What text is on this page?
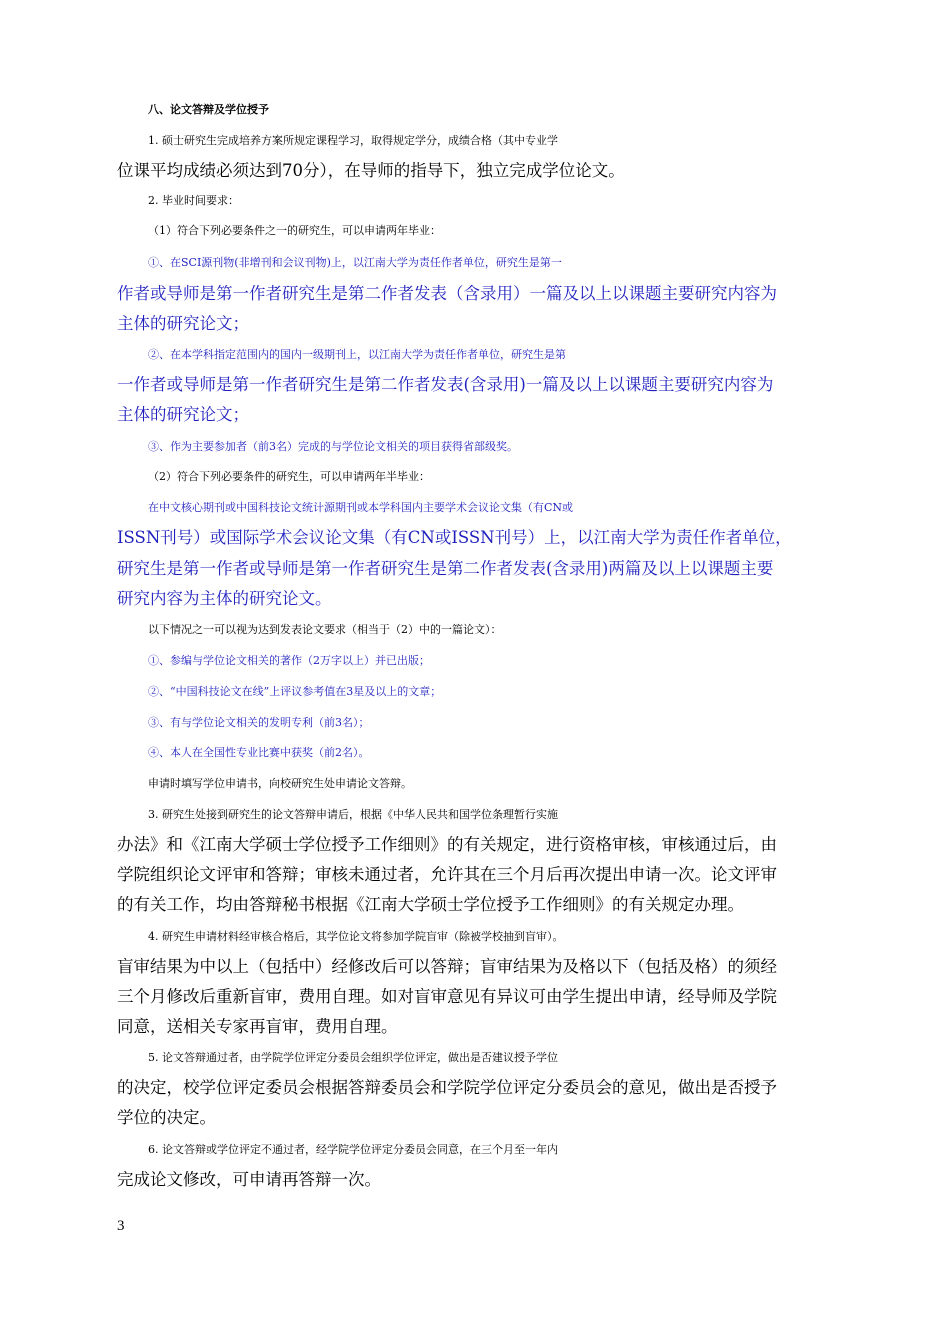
八、论文答辩及学位授予
1. 硕士研究生完成培养方案所规定课程学习，取得规定学分，成绩合格（其中专业学
位课平均成绩必须达到70分），在导师的指导下，独立完成学位论文。
2. 毕业时间要求：
（1）符合下列必要条件之一的研究生，可以申请两年毕业：
①、在SCI源刊物(非增刊和会议刊物)上，以江南大学为责任作者单位，研究生是第一
作者或导师是第一作者研究生是第二作者发表（含录用）一篇及以上以课题主要研究内容为
主体的研究论文；
②、在本学科指定范围内的国内一级期刊上，以江南大学为责任作者单位，研究生是第
一作者或导师是第一作者研究生是第二作者发表(含录用)一篇及以上以课题主要研究内容为
主体的研究论文；
③、作为主要参加者（前3名）完成的与学位论文相关的项目获得省部级奖。
（2）符合下列必要条件的研究生，可以申请两年半毕业：
在中文核心期刊或中国科技论文统计源期刊或本学科国内主要学术会议论文集（有CN或
ISSN刊号）或国际学术会议论文集（有CN或ISSN刊号）上，以江南大学为责任作者单位，
研究生是第一作者或导师是第一作者研究生是第二作者发表(含录用)两篇及以上以课题主要
研究内容为主体的研究论文。
以下情况之一可以视为达到发表论文要求（相当于（2）中的一篇论文）：
①、参编与学位论文相关的著作（2万字以上）并已出版；
②、“中国科技论文在线”上评议参考值在3星及以上的文章；
③、有与学位论文相关的发明专利（前3名）；
④、本人在全国性专业比赛中获奖（前2名）。
申请时填写学位申请书，向校研究生处申请论文答辩。
3. 研究生处接到研究生的论文答辩申请后，根据《中华人民共和国学位条理暂行实施
办法》和《江南大学硕士学位授予工作细则》的有关规定，进行资格审核，审核通过后，由
学院组织论文评审和答辩；审核未通过者，允许其在三个月后再次提出申请一次。论文评审
的有关工作，均由答辩秘书根据《江南大学硕士学位授予工作细则》的有关规定办理。
4. 研究生申请材料经审核合格后，其学位论文将参加学院盲审（除被学校抽到盲审）。
盲审结果为中以上（包括中）经修改后可以答辩；盲审结果为及格以下（包括及格）的须经
三个月修改后重新盲审，费用自理。如对盲审意见有异议可由学生提出申请，经导师及学院
同意，送相关专家再盲审，费用自理。
5. 论文答辩通过者，由学院学位评定分委员会组织学位评定，做出是否建议授予学位
的决定，校学位评定委员会根据答辩委员会和学院学位评定分委员会的意见，做出是否授予
学位的决定。
6. 论文答辩或学位评定不通过者，经学院学位评定分委员会同意，在三个月至一年内
完成论文修改，可申请再答辩一次。
3
